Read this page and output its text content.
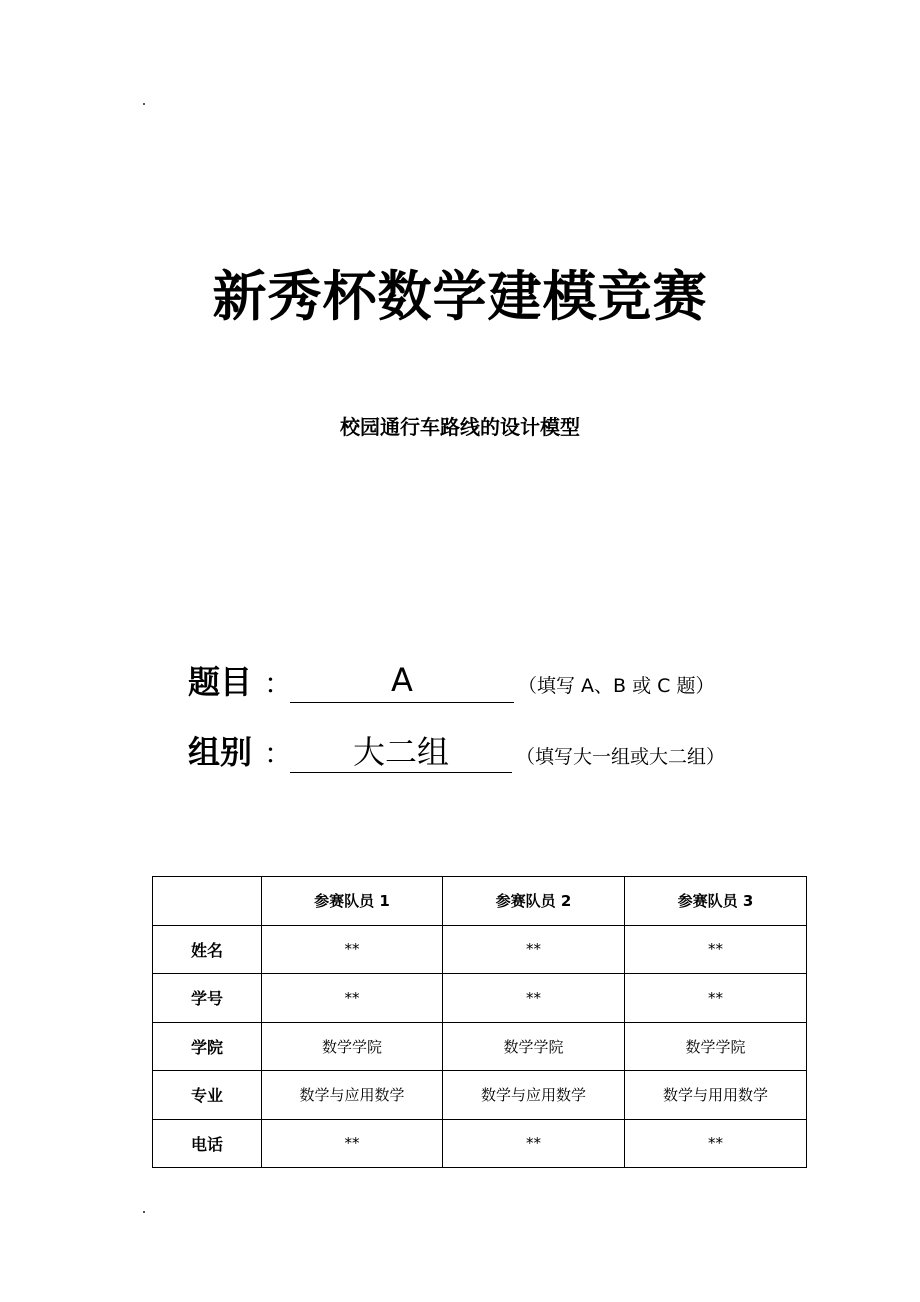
新秀杯数学建模竞赛
校园通行车路线的设计模型
题目 ：	A	（填写 A、B 或 C 题）
组别 ：	大二组	（填写大一组或大二组）
	参赛队员 1	参赛队员 2	参赛队员 3
姓名	**	**	**
学号	**	**	**
学院	数学学院	数学学院	数学学院
专业	数学与应用数学	数学与应用数学	数学与用用数学
电话	**	**	**
